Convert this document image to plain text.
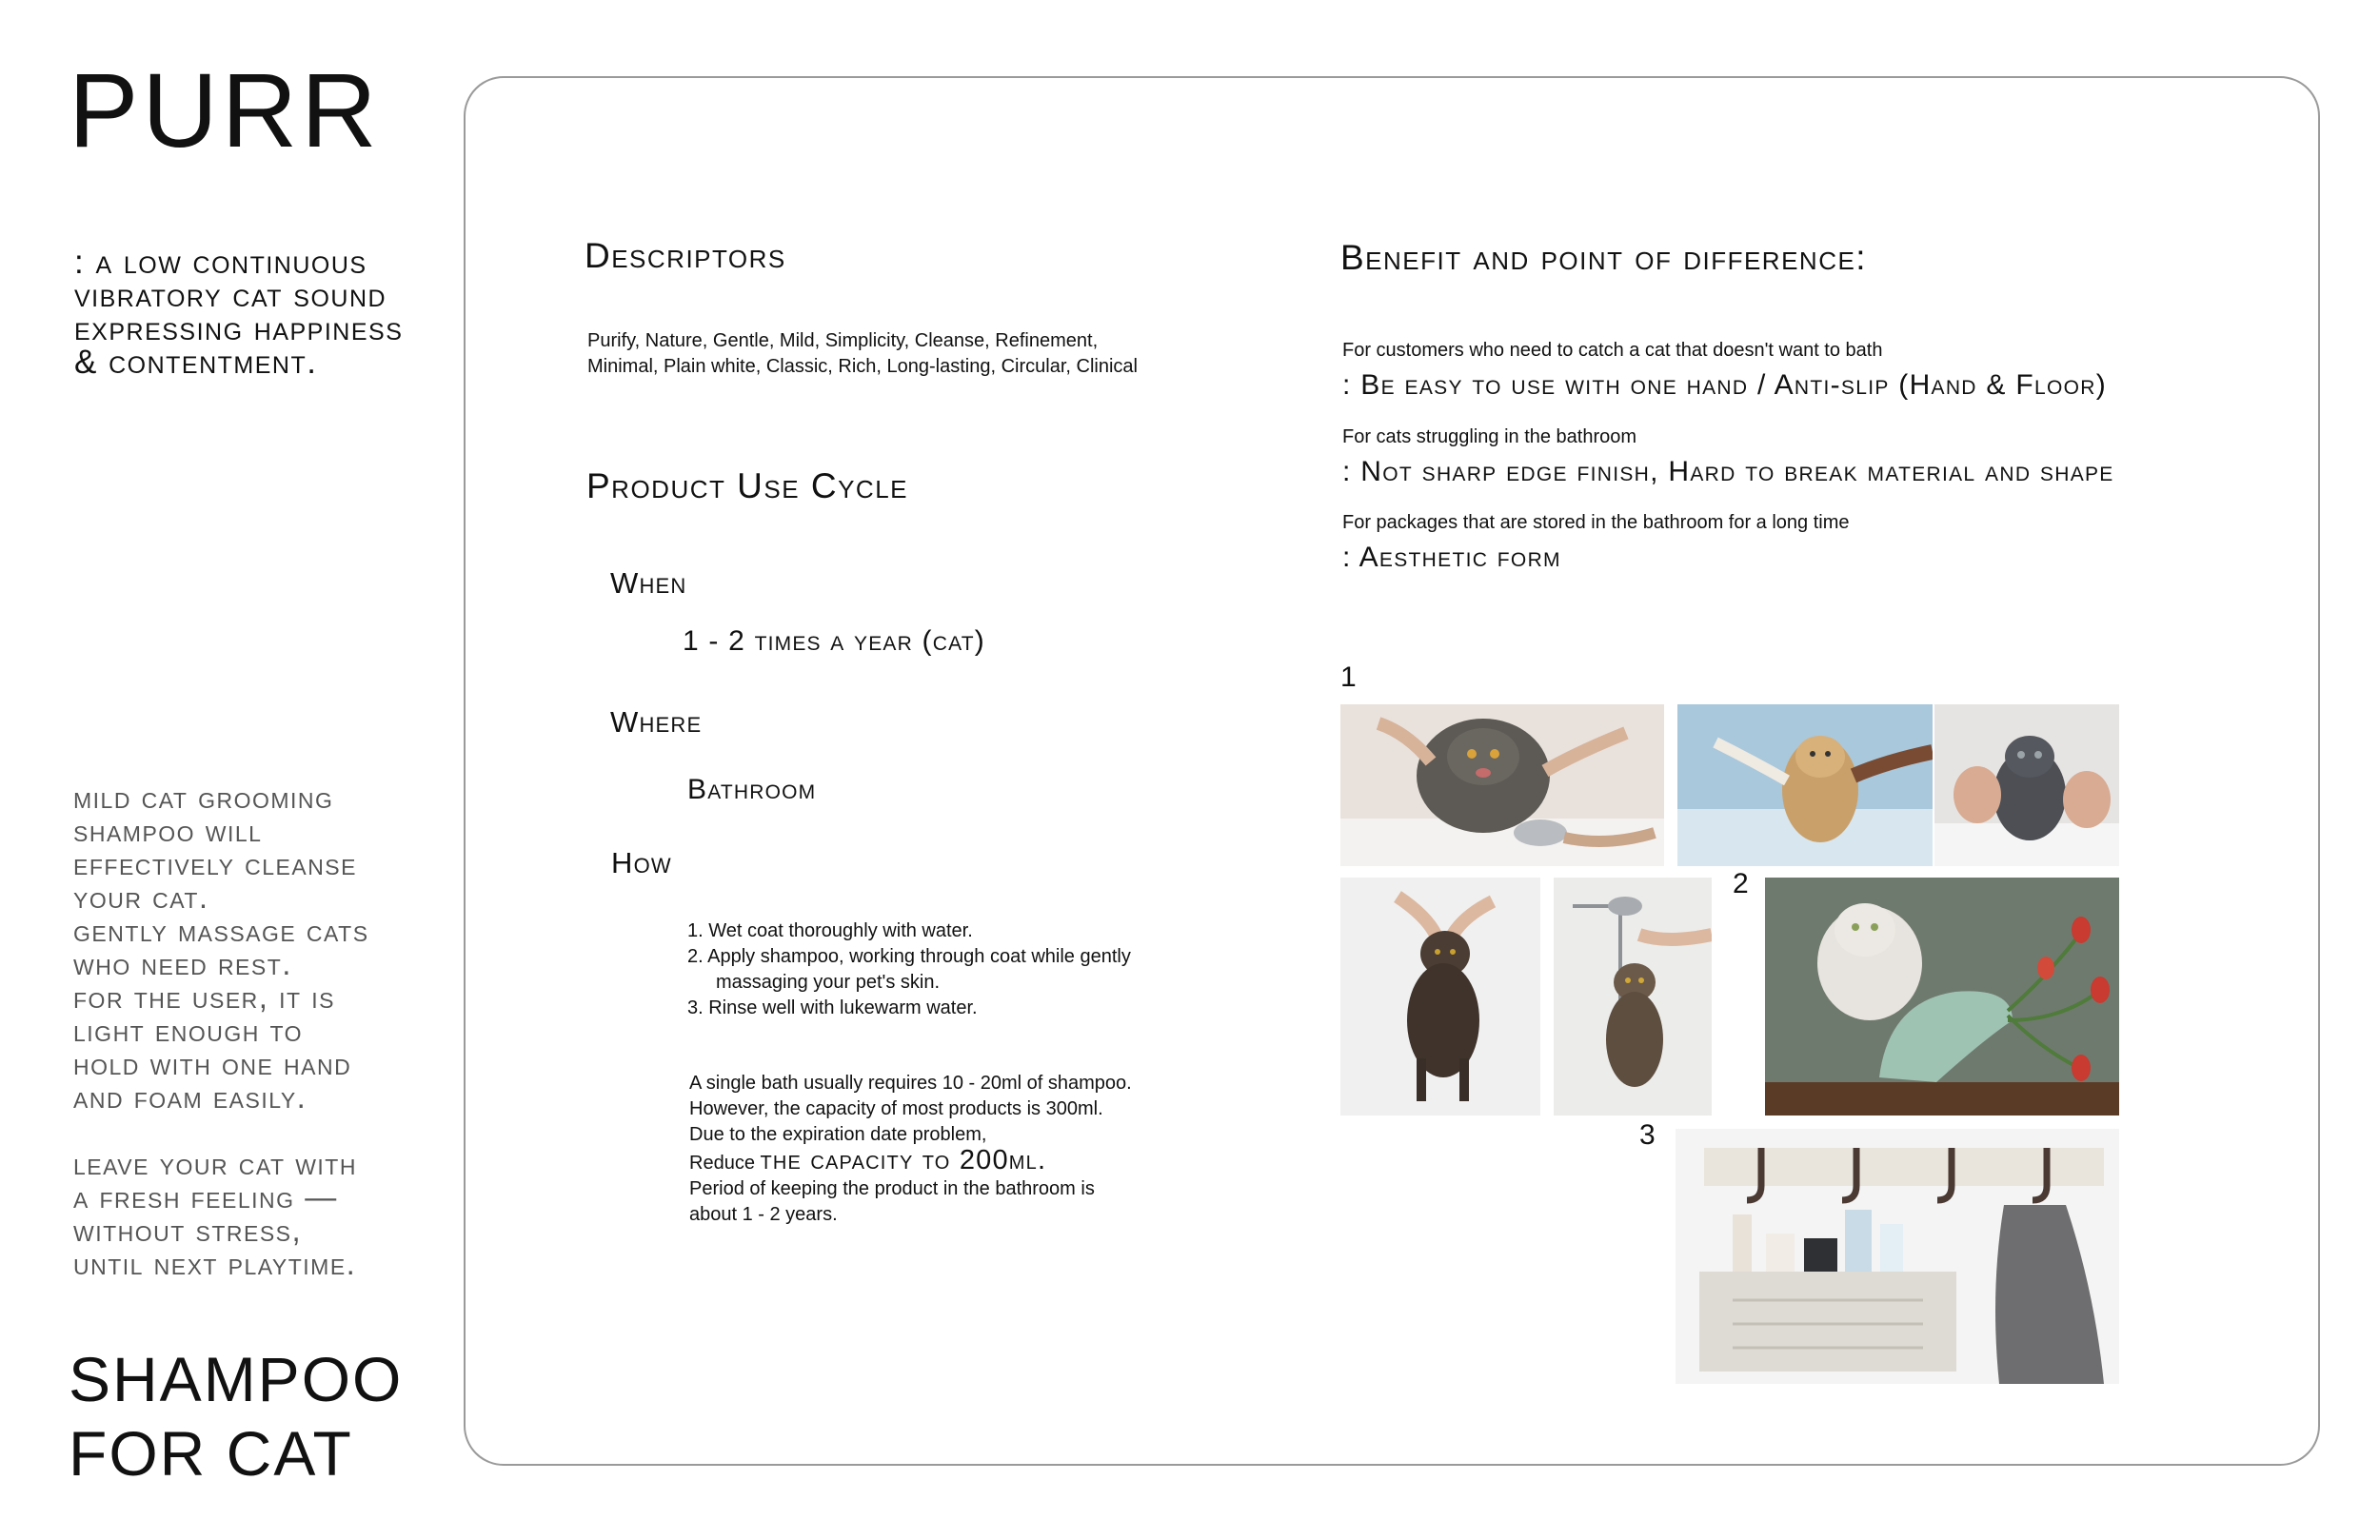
PURR
: a low continuous
vibratory cat sound
expressing happiness
& contentment.
mild cat grooming
shampoo will
effectively cleanse
your cat.
gently massage cats
who need rest.
for the user, it is
light enough to
hold with one hand
and foam easily.
leave your cat with
a fresh feeling —
without stress,
until next playtime.
SHAMPOO
FOR CAT
Descriptors
Purify, Nature, Gentle, Mild, Simplicity, Cleanse, Refinement,
Minimal, Plain white, Classic, Rich, Long-lasting, Circular, Clinical
Product Use Cycle
When
1 - 2 times a year (cat)
Where
Bathroom
How
1. Wet coat thoroughly with water.
2. Apply shampoo, working through coat while gently
massaging your pet's skin.
3. Rinse well with lukewarm water.
A single bath usually requires 10 - 20ml of shampoo.
However, the capacity of most products is 300ml.
Due to the expiration date problem,
Reduce the capacity to 200ml.
Period of keeping the product in the bathroom is
about 1 - 2 years.
Benefit and point of difference:
For customers who need to catch a cat that doesn't want to bath
: Be easy to use with one hand / Anti-slip (Hand & Floor)
For cats struggling in the bathroom
: Not sharp edge finish, Hard to break material and shape
For packages that are stored in the bathroom for a long time
: Aesthetic form
1
2
3
